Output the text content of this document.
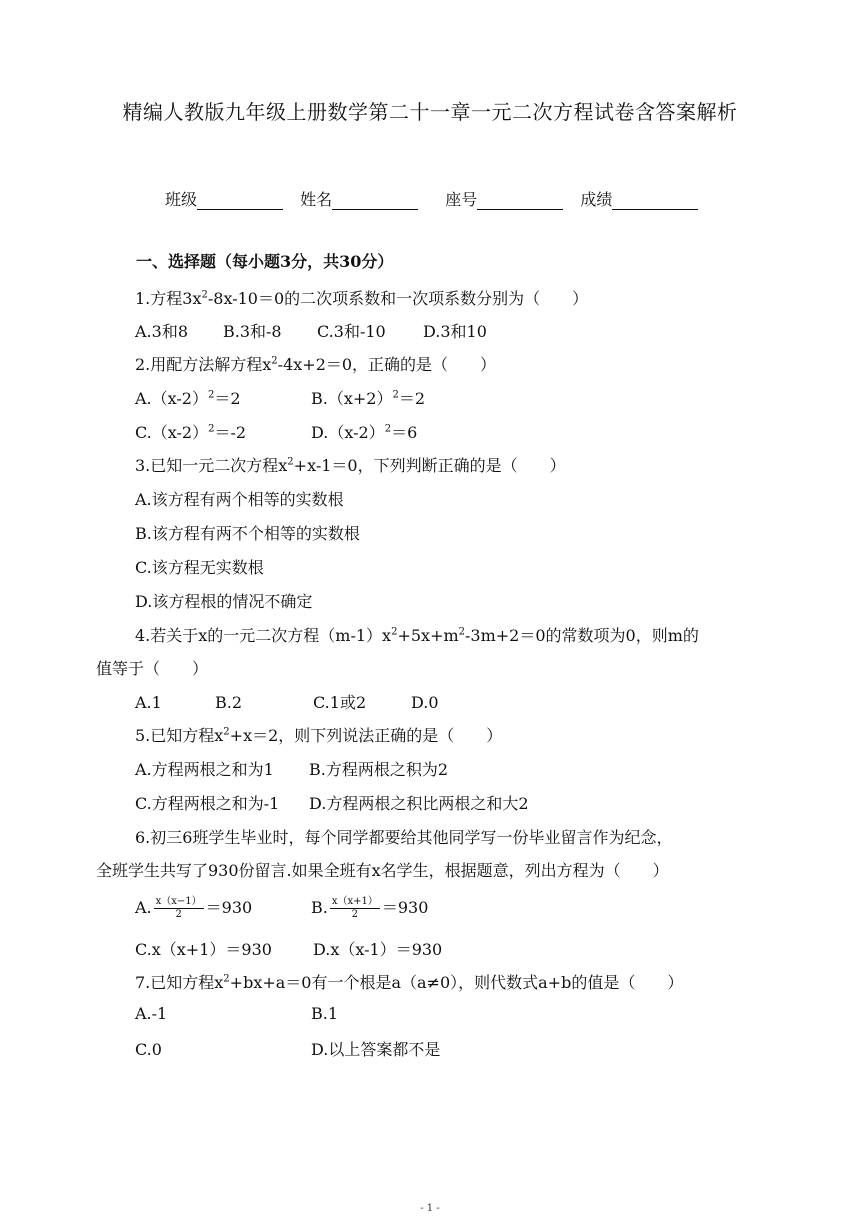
精编人教版九年级上册数学第二十一章一元二次方程试卷含答案解析
班级	姓名	座号	成绩
一、选择题（每小题3分，共30分）
1.方程$3x^2-8x-10=0$的二次项系数和一次项系数分别为（　　）
A.3和8 B.3和-8 C.3和-10 D.3和10
2.用配方法解方程$x^2-4x+2=0$，正确的是（　　）
$A.(x-2)^2=2$	$B.(x+2)^2=2$
$C.(x-2)^2=-2$	$D.(x-2)^2=6$
3.已知一元二次方程$x^2+x-1=0$，下列判断正确的是（　　）
A.该方程有两个相等的实数根
B.该方程有两不个相等的实数根
C.该方程无实数根
D.该方程根的情况不确定
4.若关于x的一元二次方程$(m-1)x^2+5x+m^2-3m+2=0$的常数项为0，则m的
值等于（　　）
A.1	B.2	C.1或2	D.0
5.已知方程$x^2+x=2$，则下列说法正确的是（　　）
A.方程两根之和为1 B.方程两根之积为2
C.方程两根之和为-1 D.方程两根之积比两根之和大2
6.初三6班学生毕业时，每个同学都要给其他同学写一份毕业留言作为纪念，
全班学生共写了930份留言.如果全班有x名学生，根据题意，列出方程为（　　）
A. $\frac{x(x-1)}{2} =930$	B. $\frac{x(x+1)}{2} =930$
C.x（x+1）＝930	D.x（x-1）＝930
7.已知方程$x^2+bx+a=0$有一个根是a（a≠0），则代数式a+b的值是（　　）
A.-1	B.1
C.0	D.以上答案都不是
- 1 -
